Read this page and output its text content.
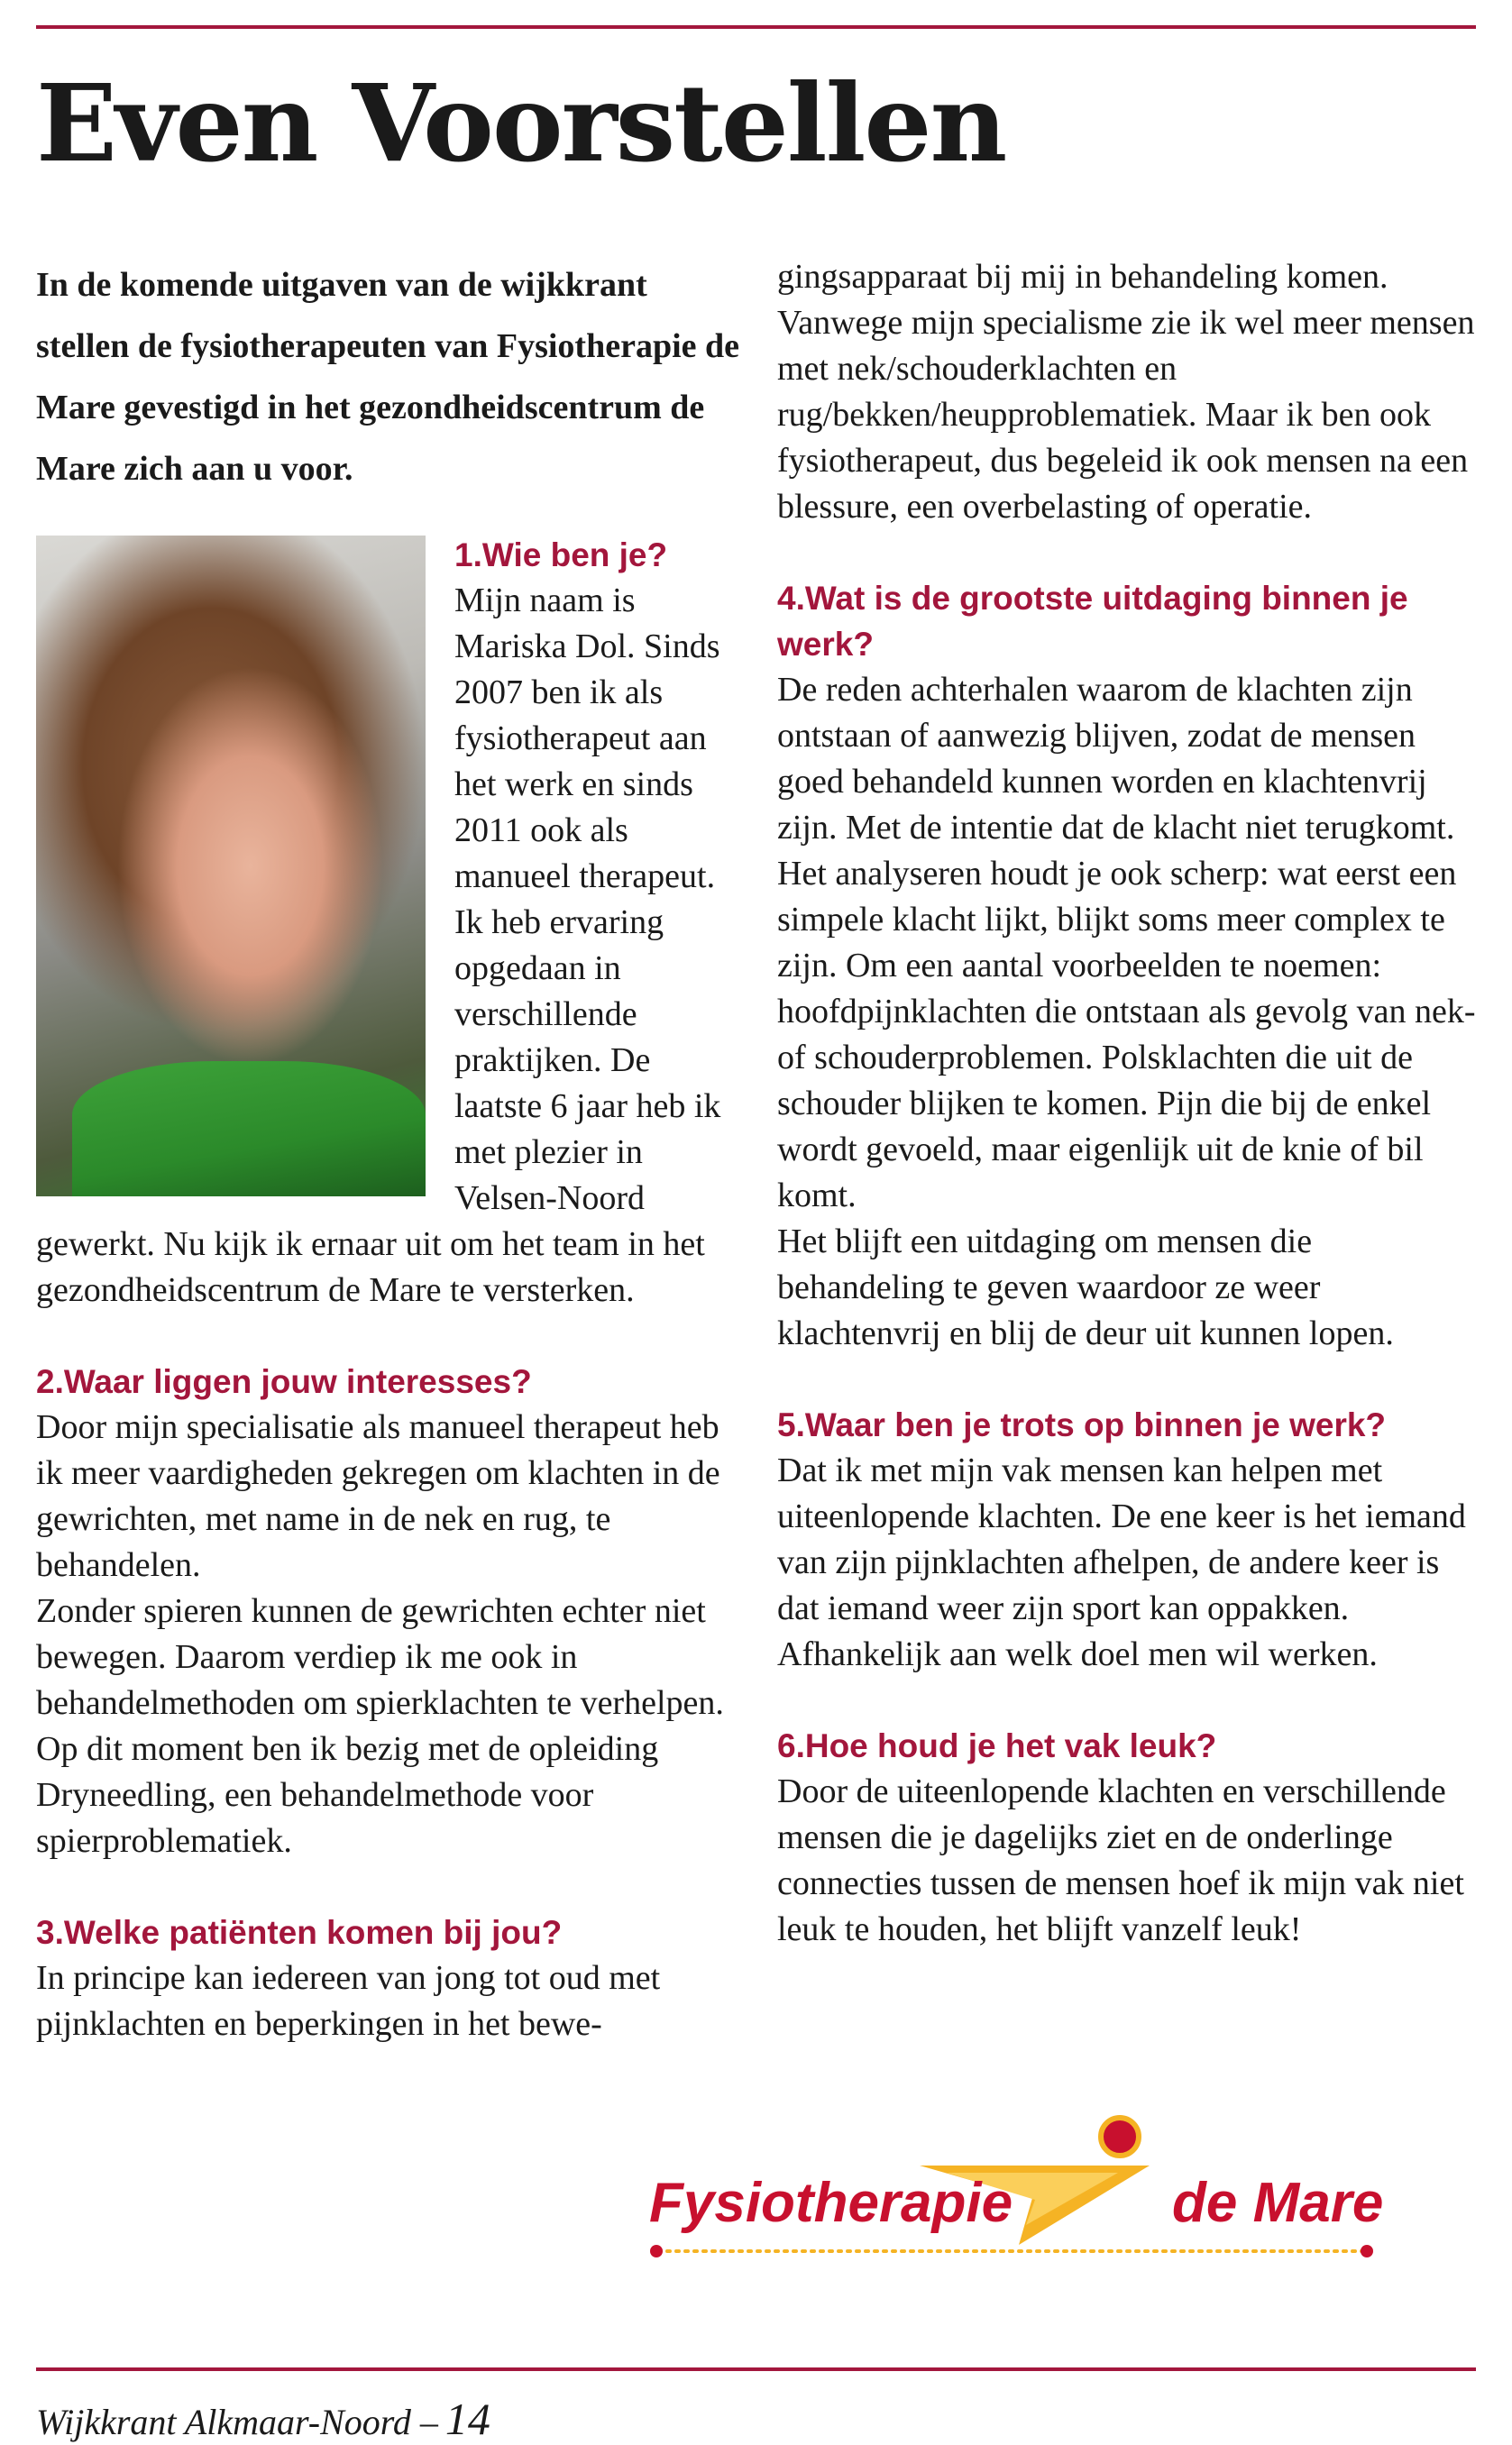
Even Voorstellen

In de komende uitgaven van de wijkkrant stellen de fysiotherapeuten van Fysiotherapie de Mare gevestigd in het gezondheidscentrum de Mare zich aan u voor.

1.Wie ben je?

Mijn naam is Mariska Dol. Sinds 2007 ben ik als fysiotherapeut aan het werk en sinds 2011 ook als manueel therapeut. Ik heb ervaring opgedaan in verschillende praktijken. De laatste 6 jaar heb ik met plezier in Velsen-Noord gewerkt. Nu kijk ik ernaar uit om het team in het gezondheidscentrum de Mare te versterken.

2.Waar liggen jouw interesses?

Door mijn specialisatie als manueel therapeut heb ik meer vaardigheden gekregen om klachten in de gewrichten, met name in de nek en rug, te behandelen.

Zonder spieren kunnen de gewrichten echter niet bewegen. Daarom verdiep ik me ook in behandelmethoden om spierklachten te verhelpen. Op dit moment ben ik bezig met de opleiding Dryneedling, een behandelmethode voor spierproblematiek.

3.Welke patiënten komen bij jou?

In principe kan iedereen van jong tot oud met pijnklachten en beperkingen in het bewe-

gingsapparaat bij mij in behandeling komen. Vanwege mijn specialisme zie ik wel meer mensen met nek/schouderklachten en rug/bekken/heupproblematiek. Maar ik ben ook fysiotherapeut, dus begeleid ik ook mensen na een blessure, een overbelasting of operatie.

4.Wat is de grootste uitdaging binnen je werk?

De reden achterhalen waarom de klachten zijn ontstaan of aanwezig blijven, zodat de mensen goed behandeld kunnen worden en klachtenvrij zijn. Met de intentie dat de klacht niet terugkomt.

Het analyseren houdt je ook scherp: wat eerst een simpele klacht lijkt, blijkt soms meer complex te zijn. Om een aantal voorbeelden te noemen: hoofdpijnklachten die ontstaan als gevolg van nek- of schouderproblemen. Polsklachten die uit de schouder blijken te komen. Pijn die bij de enkel wordt gevoeld, maar eigenlijk uit de knie of bil komt.

Het blijft een uitdaging om mensen die behandeling te geven waardoor ze weer klachtenvrij en blij de deur uit kunnen lopen.

5.Waar ben je trots op binnen je werk?

Dat ik met mijn vak mensen kan helpen met uiteenlopende klachten. De ene keer is het iemand van zijn pijnklachten afhelpen, de andere keer is dat iemand weer zijn sport kan oppakken. Afhankelijk aan welk doel men wil werken.

6.Hoe houd je het vak leuk?

Door de uiteenlopende klachten en verschillende mensen die je dagelijks ziet en de onderlinge connecties tussen de mensen hoef ik mijn vak niet leuk te houden, het blijft vanzelf leuk!

Fysiotherapie	de Mare
Wijkkrant Alkmaar-Noord – 14
